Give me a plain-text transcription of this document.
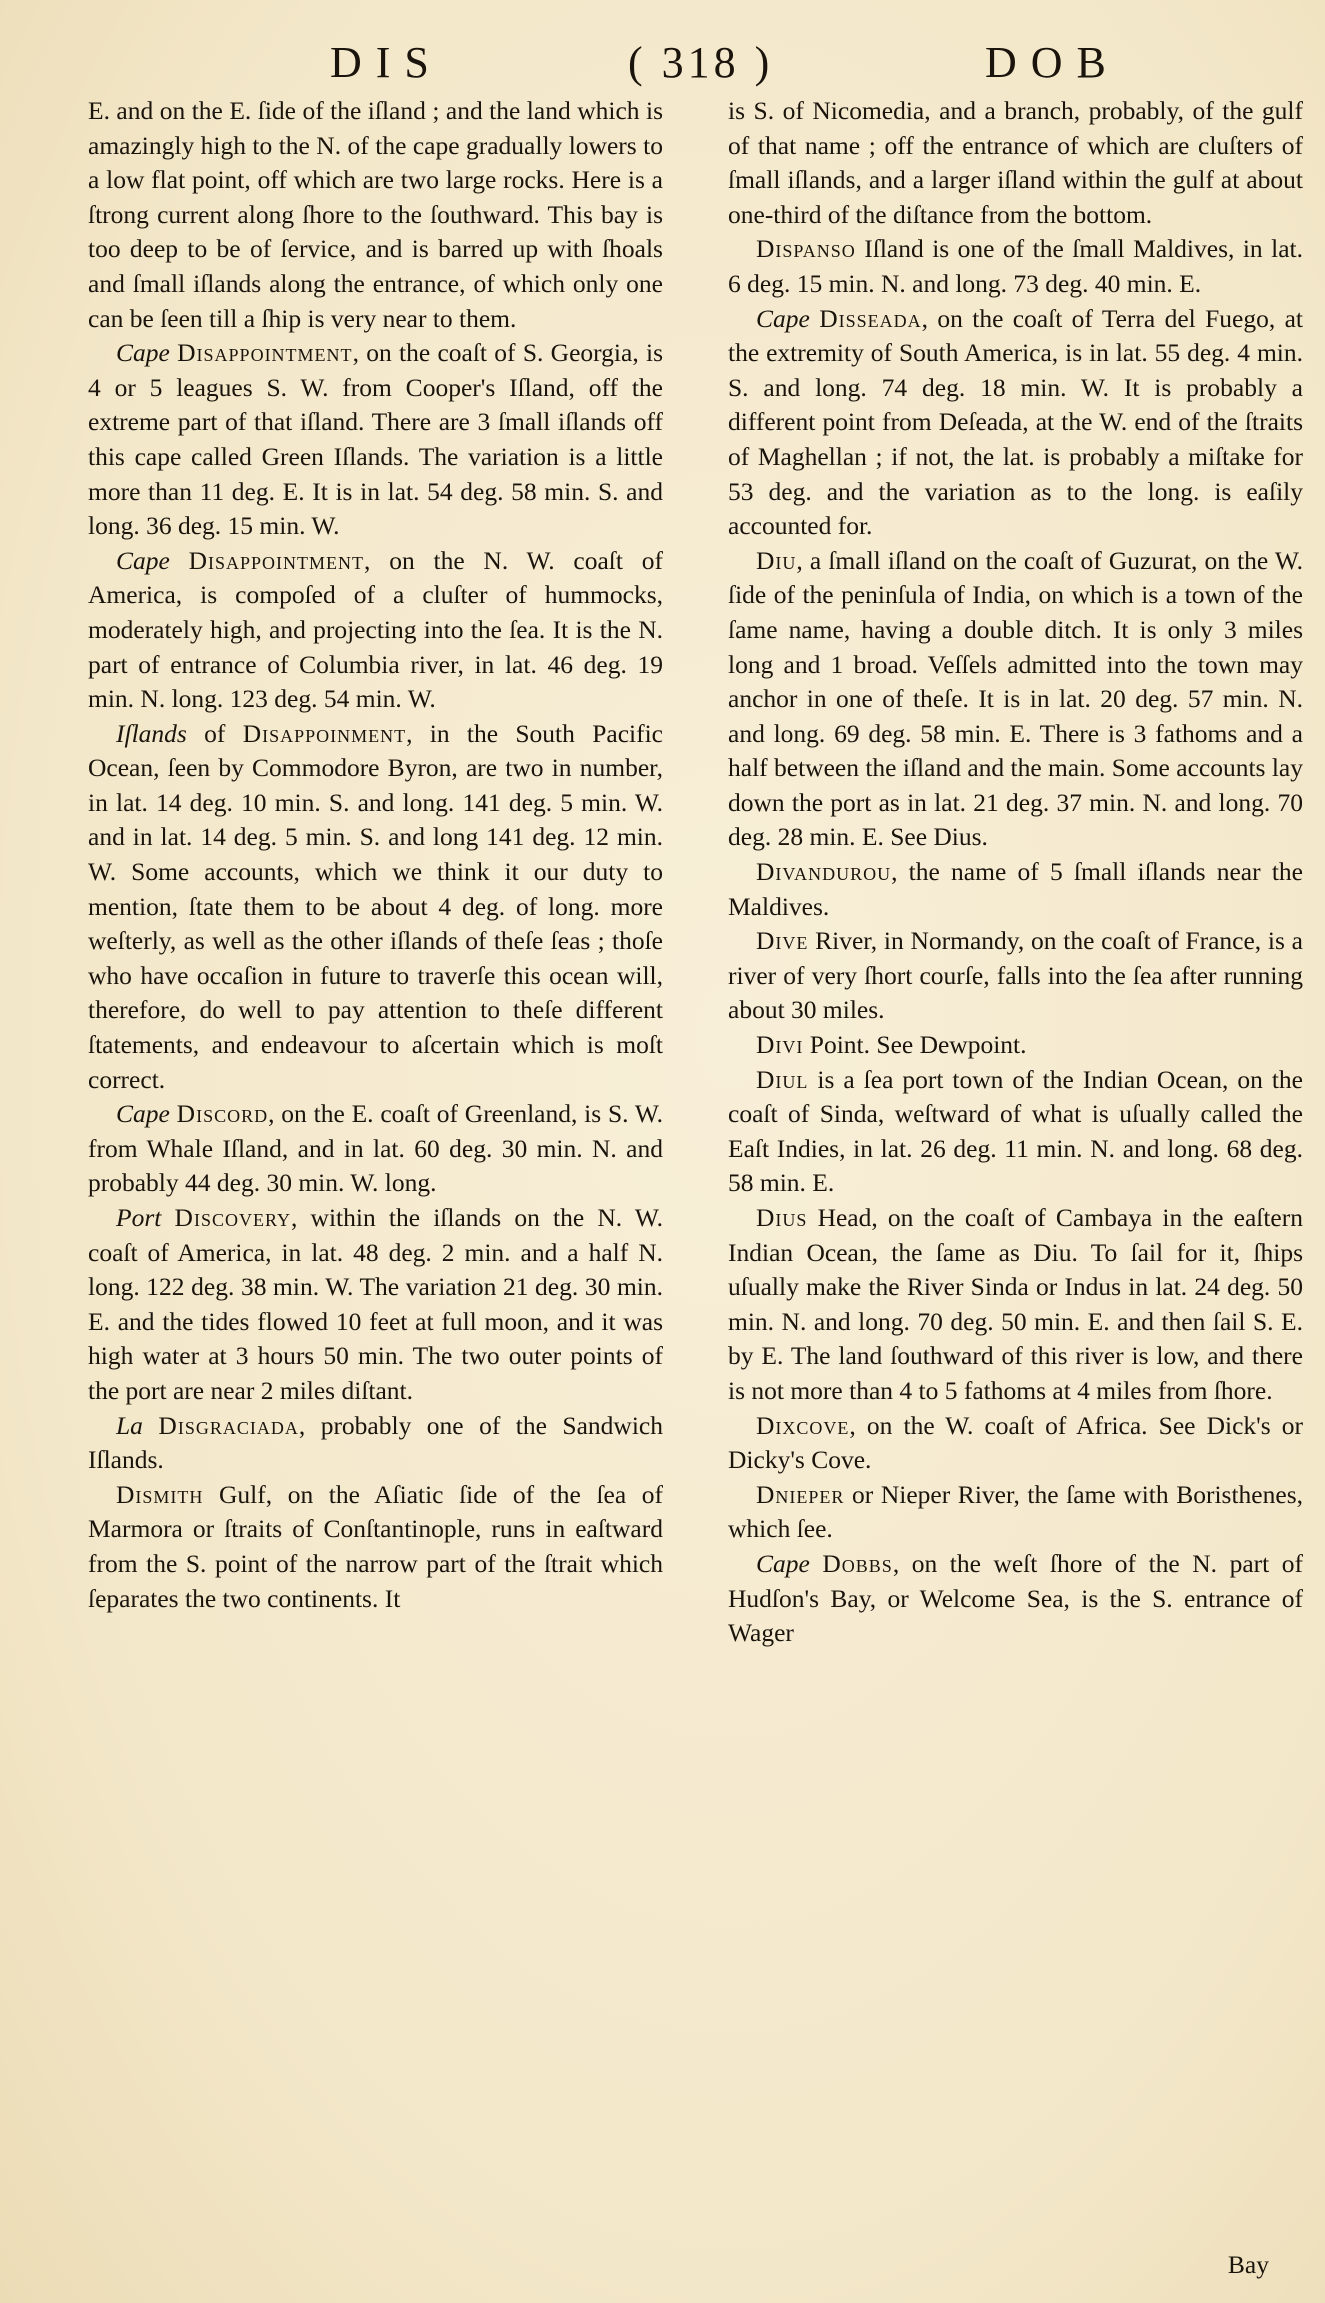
DIS	( 318 )	DOB

E. and on the E. ſide of the iſland ; and the land which is amazingly high to the N. of the cape gradually lowers to a low flat point, off which are two large rocks. Here is a ſtrong current along ſhore to the ſouthward. This bay is too deep to be of ſervice, and is barred up with ſhoals and ſmall iſlands along the entrance, of which only one can be ſeen till a ſhip is very near to them.

Cape Disappointment, on the coaſt of S. Georgia, is 4 or 5 leagues S. W. from Cooper's Iſland, off the extreme part of that iſland. There are 3 ſmall iſlands off this cape called Green Iſlands. The variation is a little more than 11 deg. E. It is in lat. 54 deg. 58 min. S. and long. 36 deg. 15 min. W.

Cape Disappointment, on the N. W. coaſt of America, is compoſed of a cluſter of hummocks, moderately high, and projecting into the ſea. It is the N. part of entrance of Columbia river, in lat. 46 deg. 19 min. N. long. 123 deg. 54 min. W.

Iſlands of Disappoinment, in the South Pacific Ocean, ſeen by Commodore Byron, are two in number, in lat. 14 deg. 10 min. S. and long. 141 deg. 5 min. W. and in lat. 14 deg. 5 min. S. and long 141 deg. 12 min. W. Some accounts, which we think it our duty to mention, ſtate them to be about 4 deg. of long. more weſterly, as well as the other iſlands of theſe ſeas ; thoſe who have occaſion in future to traverſe this ocean will, therefore, do well to pay attention to theſe different ſtatements, and endeavour to aſcertain which is moſt correct.

Cape Discord, on the E. coaſt of Greenland, is S. W. from Whale Iſland, and in lat. 60 deg. 30 min. N. and probably 44 deg. 30 min. W. long.

Port Discovery, within the iſlands on the N. W. coaſt of America, in lat. 48 deg. 2 min. and a half N. long. 122 deg. 38 min. W. The variation 21 deg. 30 min. E. and the tides flowed 10 feet at full moon, and it was high water at 3 hours 50 min. The two outer points of the port are near 2 miles diſtant.

La Disgraciada, probably one of the Sandwich Iſlands.

Dismith Gulf, on the Aſiatic ſide of the ſea of Marmora or ſtraits of Conſtantinople, runs in eaſtward from the S. point of the narrow part of the ſtrait which ſeparates the two continents. It

is S. of Nicomedia, and a branch, probably, of the gulf of that name ; off the entrance of which are cluſters of ſmall iſlands, and a larger iſland within the gulf at about one-third of the diſtance from the bottom.

Dispanso Iſland is one of the ſmall Maldives, in lat. 6 deg. 15 min. N. and long. 73 deg. 40 min. E.

Cape Disseada, on the coaſt of Terra del Fuego, at the extremity of South America, is in lat. 55 deg. 4 min. S. and long. 74 deg. 18 min. W. It is probably a different point from Deſeada, at the W. end of the ſtraits of Maghellan ; if not, the lat. is probably a miſtake for 53 deg. and the variation as to the long. is eaſily accounted for.

Diu, a ſmall iſland on the coaſt of Guzurat, on the W. ſide of the peninſula of India, on which is a town of the ſame name, having a double ditch. It is only 3 miles long and 1 broad. Veſſels admitted into the town may anchor in one of theſe. It is in lat. 20 deg. 57 min. N. and long. 69 deg. 58 min. E. There is 3 fathoms and a half between the iſland and the main. Some accounts lay down the port as in lat. 21 deg. 37 min. N. and long. 70 deg. 28 min. E. See Dius.

Divandurou, the name of 5 ſmall iſlands near the Maldives.

Dive River, in Normandy, on the coaſt of France, is a river of very ſhort courſe, falls into the ſea after running about 30 miles.

Divi Point. See Dewpoint.

Diul is a ſea port town of the Indian Ocean, on the coaſt of Sinda, weſtward of what is uſually called the Eaſt Indies, in lat. 26 deg. 11 min. N. and long. 68 deg. 58 min. E.

Dius Head, on the coaſt of Cambaya in the eaſtern Indian Ocean, the ſame as Diu. To ſail for it, ſhips uſually make the River Sinda or Indus in lat. 24 deg. 50 min. N. and long. 70 deg. 50 min. E. and then ſail S. E. by E. The land ſouthward of this river is low, and there is not more than 4 to 5 fathoms at 4 miles from ſhore.

Dixcove, on the W. coaſt of Africa. See Dick's or Dicky's Cove.

Dnieper or Nieper River, the ſame with Boristhenes, which ſee.

Cape Dobbs, on the weſt ſhore of the N. part of Hudſon's Bay, or Welcome Sea, is the S. entrance of Wager

Bay
